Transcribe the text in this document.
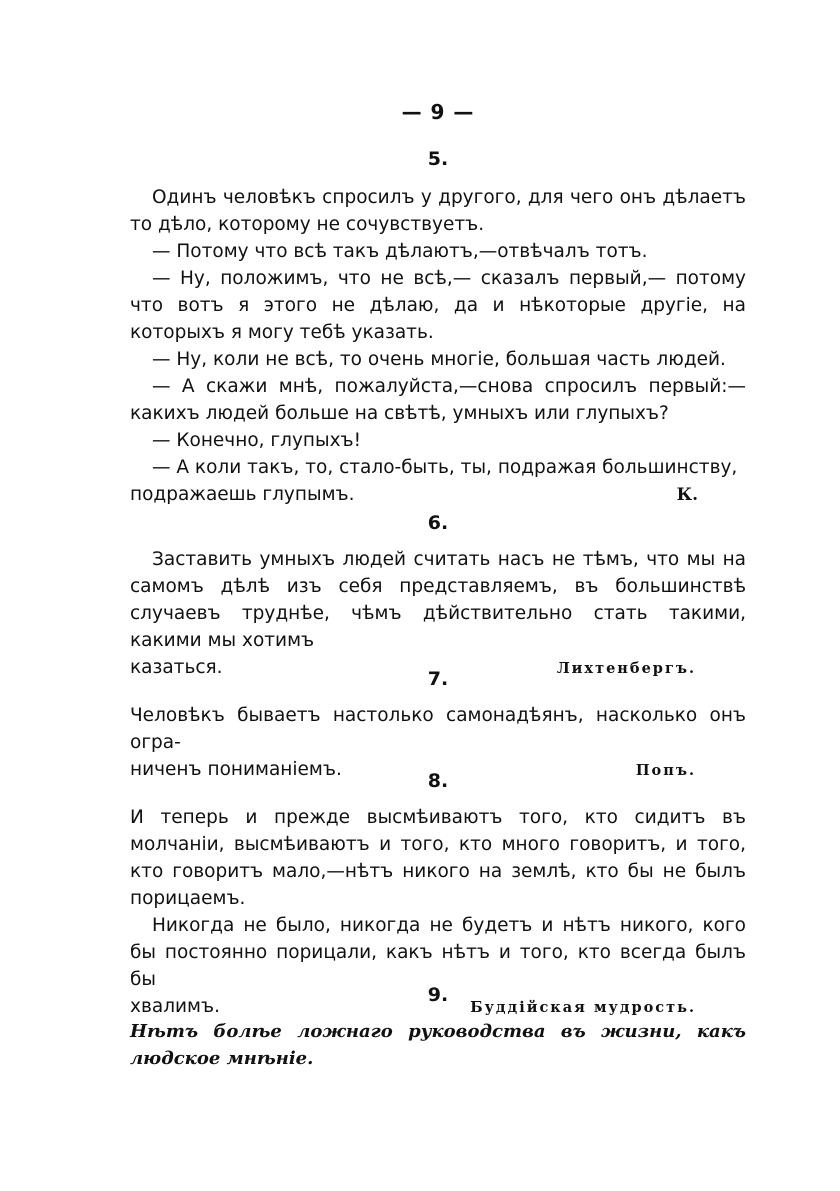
— 9 —
5.

Одинъ человѣкъ спросилъ у другого, для чего онъ дѣлаетъ то дѣло, которому не сочувствуетъ.

— Потому что всѣ такъ дѣлаютъ,—отвѣчалъ тотъ.

— Ну, положимъ, что не всѣ,— сказалъ первый,— потому что вотъ я этого не дѣлаю, да и нѣкоторые другіе, на которыхъ я могу тебѣ указать.

— Ну, коли не всѣ, то очень многіе, большая часть людей.

— А скажи мнѣ, пожалуйста,—снова спросилъ первый:—какихъ людей больше на свѣтѣ, умныхъ или глупыхъ?

— Конечно, глупыхъ!

— А коли такъ, то, стало-быть, ты, подражая большинству,

подражаешь глупымъ.	К.
6.

Заставить умныхъ людей считать насъ не тѣмъ, что мы на самомъ дѣлѣ изъ себя представляемъ, въ большинствѣ случаевъ труднѣе, чѣмъ дѣйствительно стать такими, какими мы хотимъ

казаться.	Лихтенбергъ.
7.

Человѣкъ бываетъ настолько самонадѣянъ, насколько онъ огра-

ниченъ пониманіемъ.	Попъ.
8.

И теперь и прежде высмѣиваютъ того, кто сидитъ въ молчаніи, высмѣиваютъ и того, кто много говоритъ, и того, кто говоритъ мало,—нѣтъ никого на землѣ, кто бы не былъ порицаемъ.

Никогда не было, никогда не будетъ и нѣтъ никого, кого бы постоянно порицали, какъ нѣтъ и того, кто всегда былъ бы

хвалимъ.	Буддійская мудрость.
9.

Нѣтъ болѣе ложнаго руководства въ жизни, какъ людское мнѣніе.
